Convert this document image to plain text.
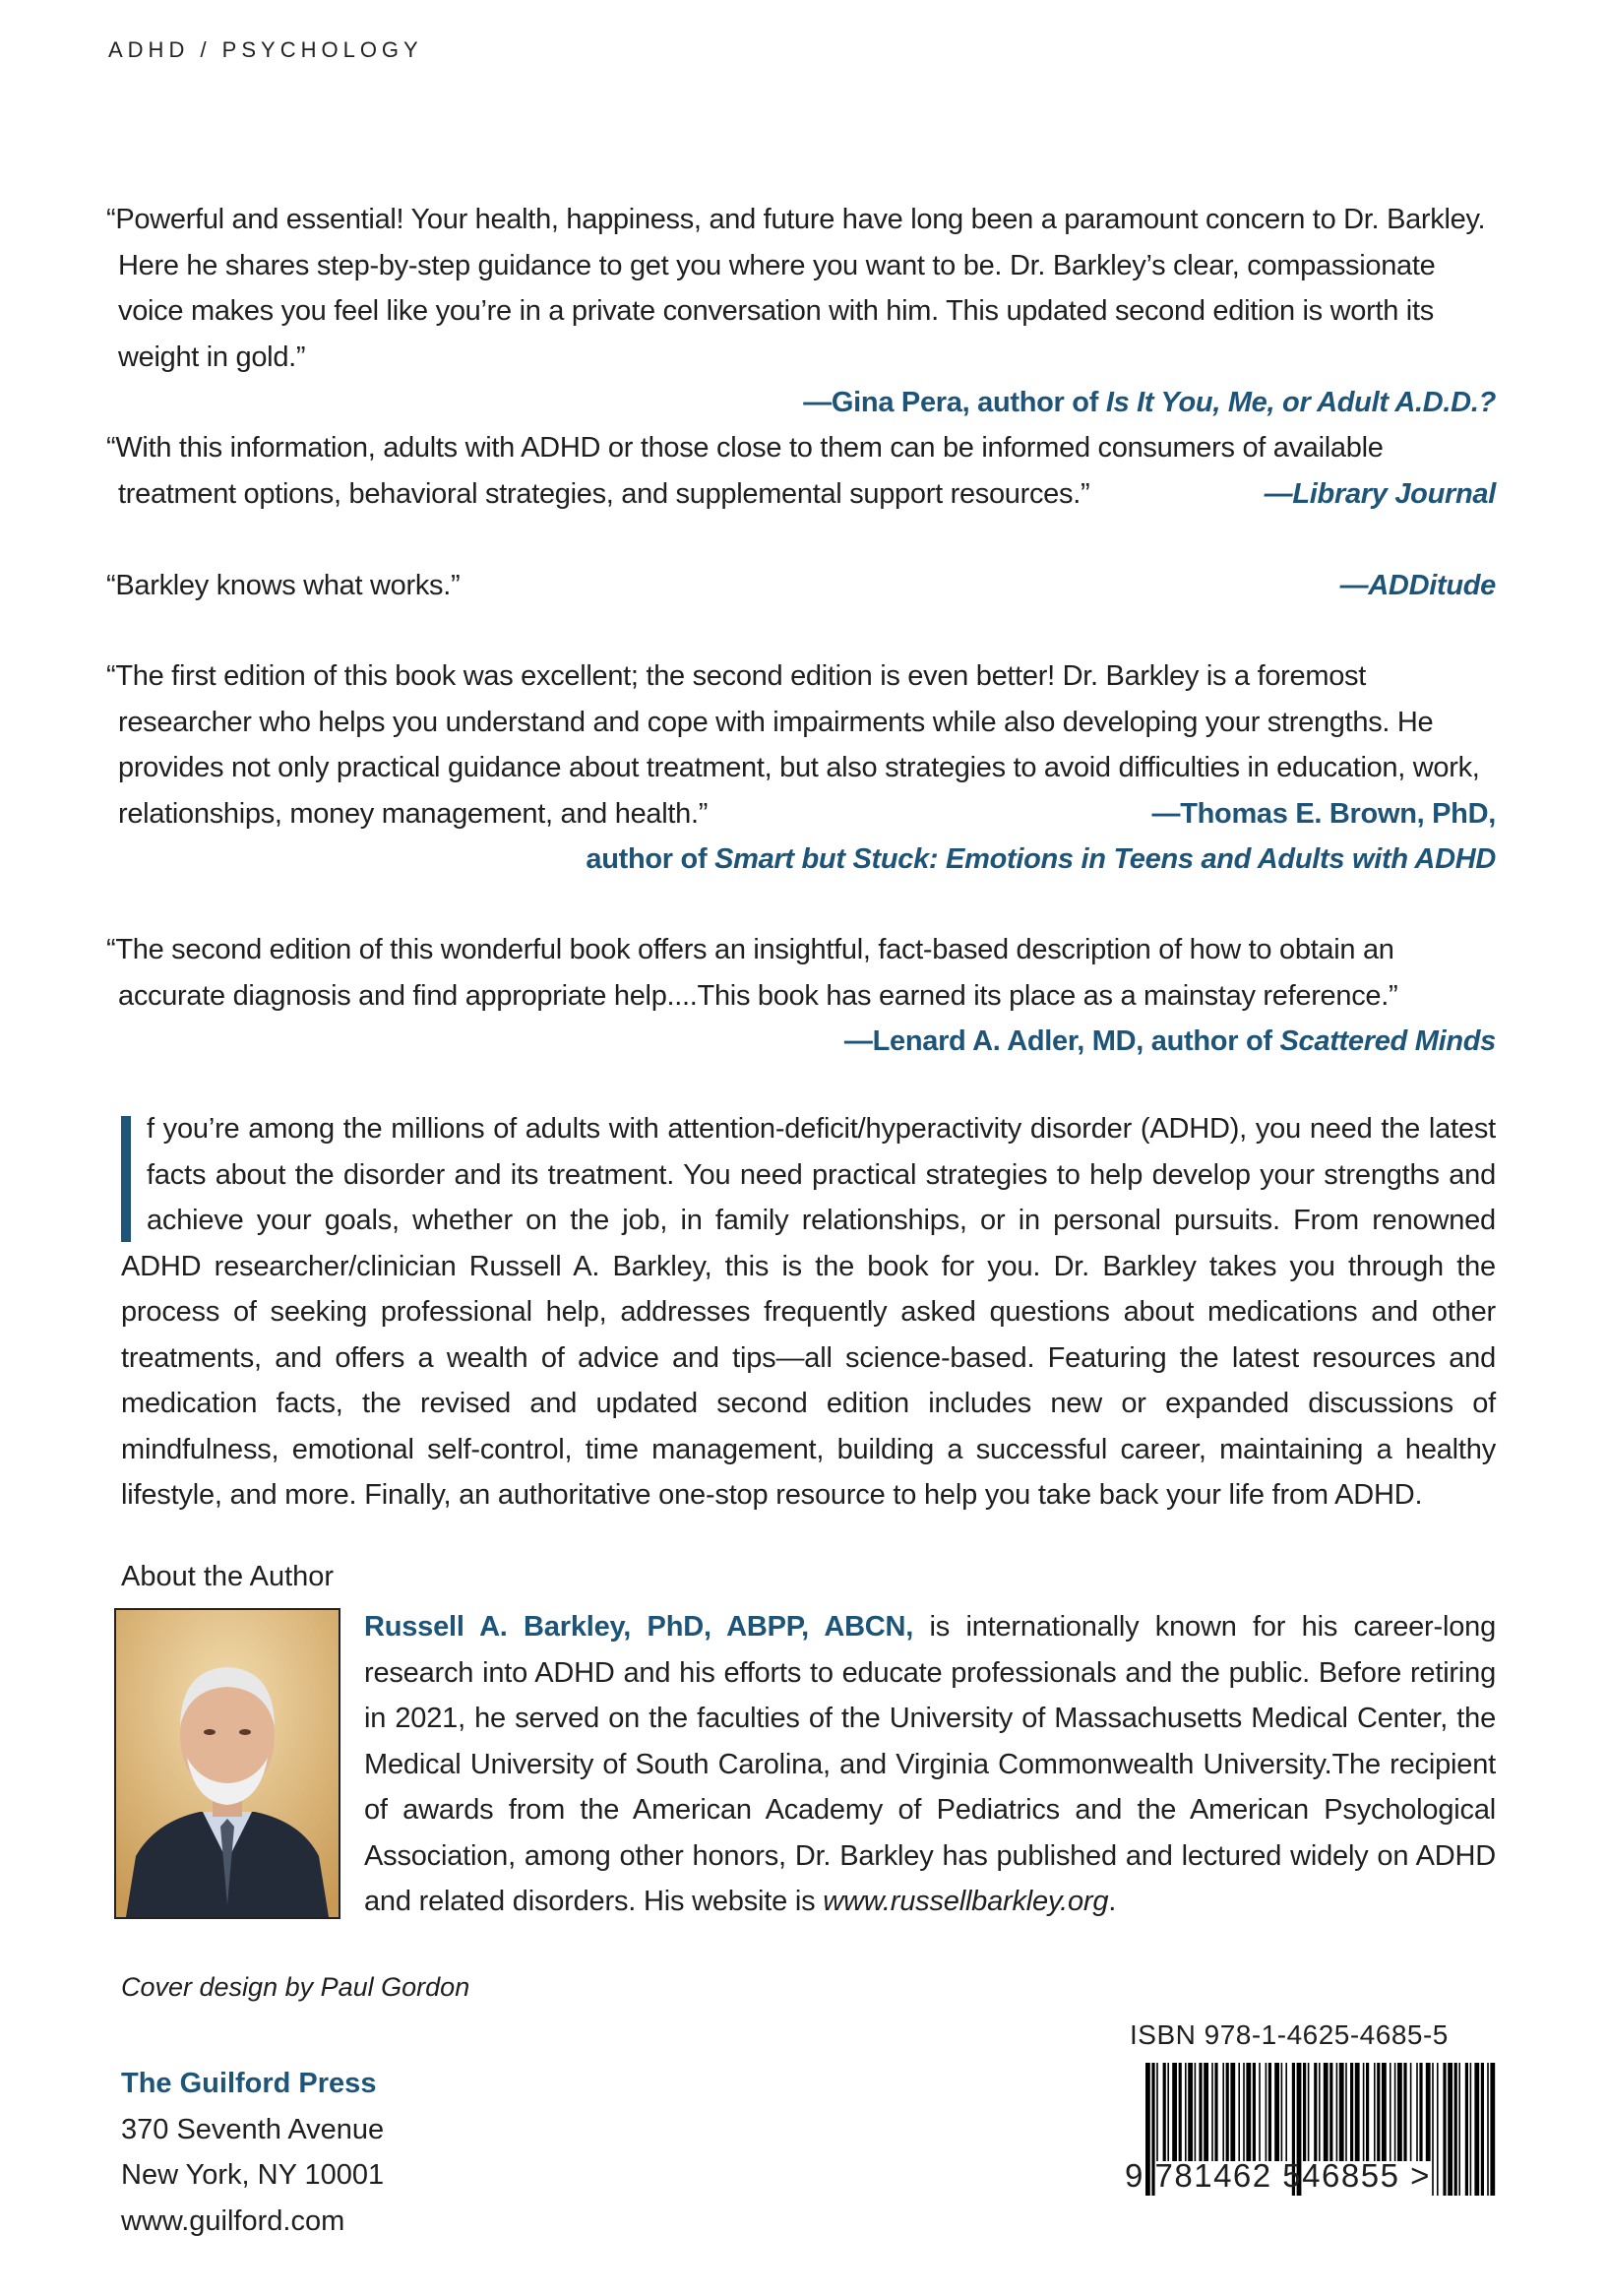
ADHD / PSYCHOLOGY
“Powerful and essential! Your health, happiness, and future have long been a paramount concern to Dr. Barkley. Here he shares step-by-step guidance to get you where you want to be. Dr. Barkley’s clear, compassionate voice makes you feel like you’re in a private conversation with him. This updated second edition is worth its weight in gold.”
—Gina Pera, author of Is It You, Me, or Adult A.D.D.?
“With this information, adults with ADHD or those close to them can be informed consumers of available treatment options, behavioral strategies, and supplemental support resources.”	—Library Journal
“Barkley knows what works.”	—ADDitude
“The first edition of this book was excellent; the second edition is even better! Dr. Barkley is a foremost researcher who helps you understand and cope with impairments while also developing your strengths. He provides not only practical guidance about treatment, but also strategies to avoid difficulties in education, work, relationships, money management, and health.”	—Thomas E. Brown, PhD,
author of Smart but Stuck: Emotions in Teens and Adults with ADHD
“The second edition of this wonderful book offers an insightful, fact-based description of how to obtain an accurate diagnosis and find appropriate help....This book has earned its place as a mainstay reference.”
—Lenard A. Adler, MD, author of Scattered Minds
f you’re among the millions of adults with attention-deficit/hyperactivity disorder (ADHD), you need the latest facts about the disorder and its treatment. You need practical strategies to help develop your strengths and achieve your goals, whether on the job, in family relationships, or in personal pursuits. From renowned ADHD researcher/clinician Russell A. Barkley, this is the book for you. Dr. Barkley takes you through the process of seeking professional help, addresses frequently asked questions about medications and other treatments, and offers a wealth of advice and tips—all science-based. Featuring the latest resources and medication facts, the revised and updated second edition includes new or expanded discussions of mindfulness, emotional self-control, time management, building a successful career, maintaining a healthy lifestyle, and more. Finally, an authoritative one-stop resource to help you take back your life from ADHD.
About the Author
Russell A. Barkley, PhD, ABPP, ABCN, is internationally known for his career-long research into ADHD and his efforts to educate professionals and the public. Before retiring in 2021, he served on the faculties of the University of Massachusetts Medical Center, the Medical University of South Carolina, and Virginia Commonwealth University.The recipient of awards from the American Academy of Pediatrics and the American Psychological Association, among other honors, Dr. Barkley has published and lectured widely on ADHD and related disorders. His website is www.russellbarkley.org.
Cover design by Paul Gordon
The Guilford Press
370 Seventh Avenue
New York, NY 10001
www.guilford.com
ISBN 978-1-4625-4685-5
9 781462 546855 >
